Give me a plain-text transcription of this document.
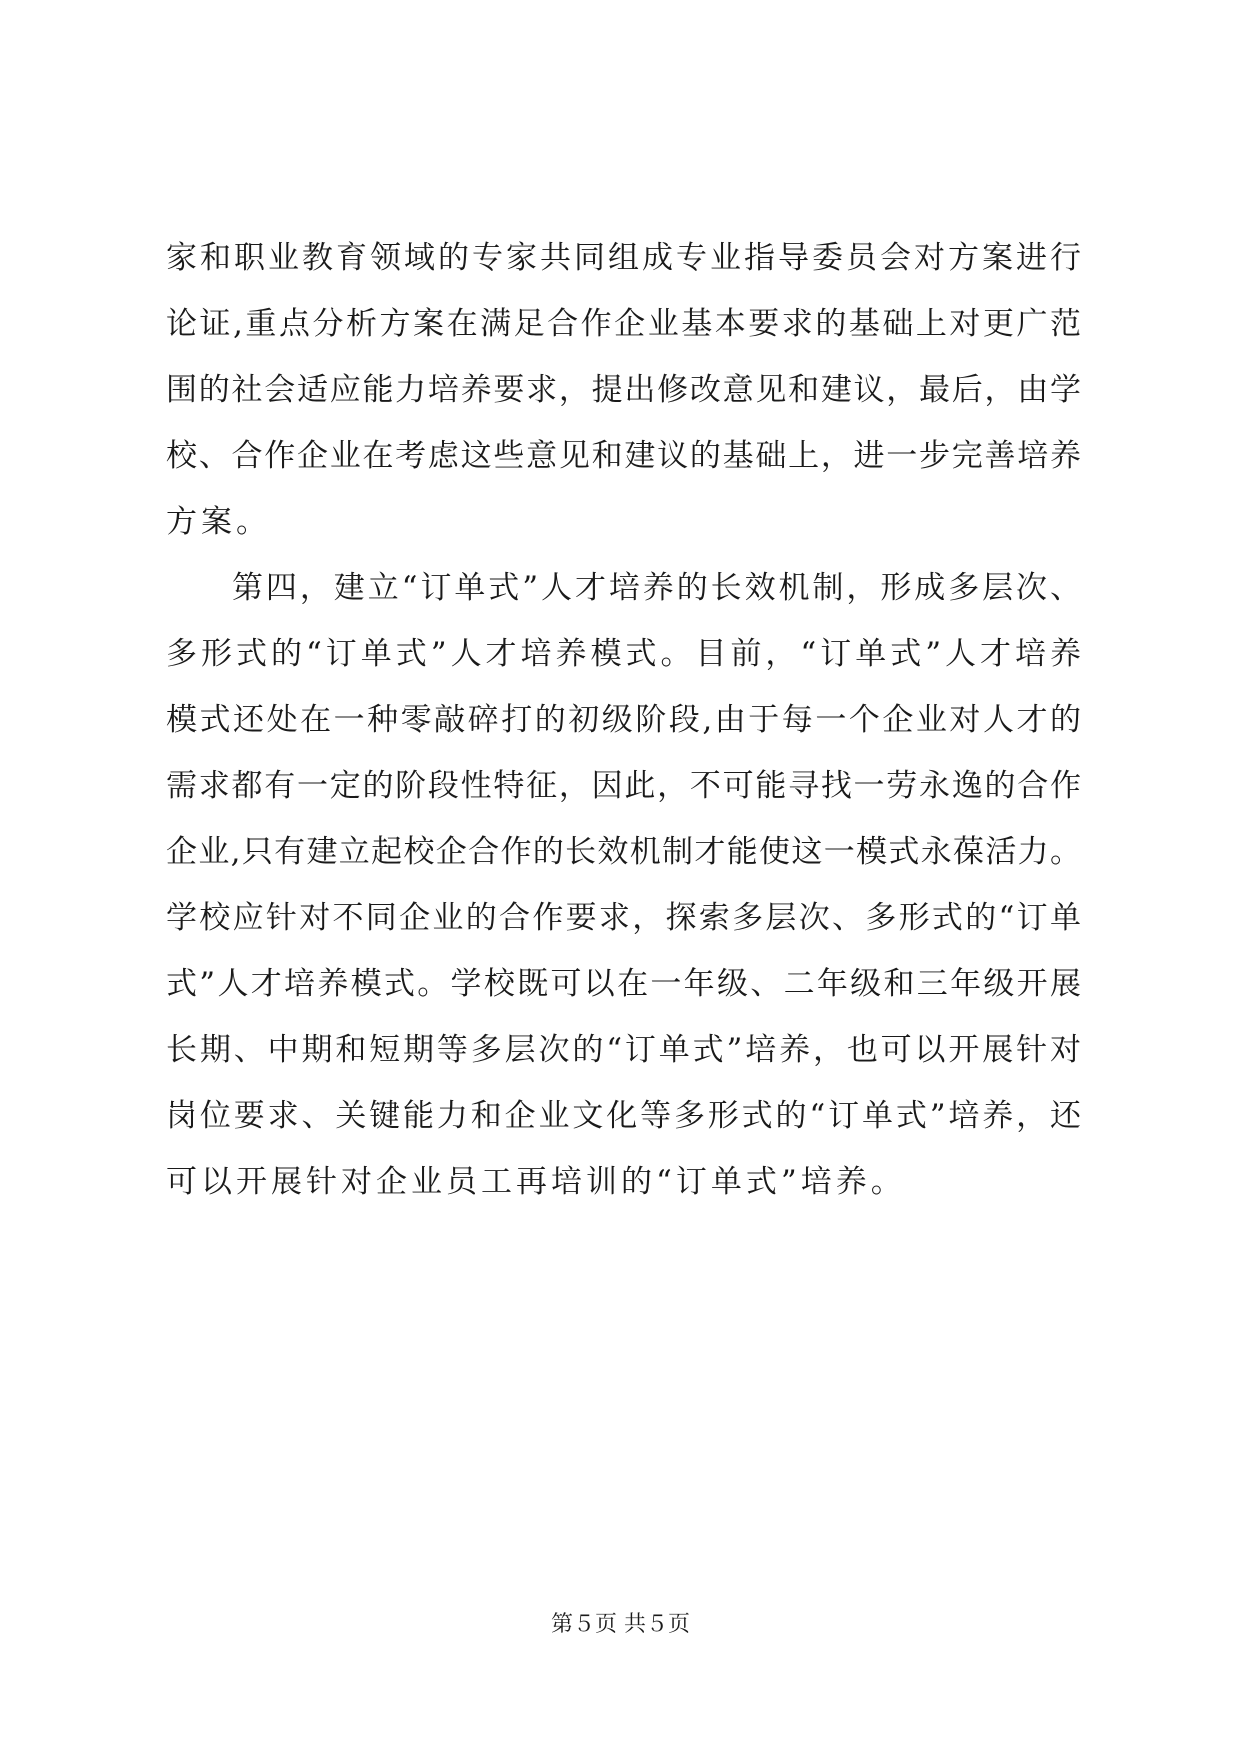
家和职业教育领域的专家共同组成专业指导委员会对方案进行
论证,重点分析方案在满足合作企业基本要求的基础上对更广范
围的社会适应能力培养要求，提出修改意见和建议，最后，由学
校、合作企业在考虑这些意见和建议的基础上，进一步完善培养
方案。
第四，建立“订单式”人才培养的长效机制，形成多层次、
多形式的“订单式”人才培养模式。目前，“订单式”人才培养
模式还处在一种零敲碎打的初级阶段,由于每一个企业对人才的
需求都有一定的阶段性特征，因此，不可能寻找一劳永逸的合作
企业,只有建立起校企合作的长效机制才能使这一模式永葆活力。
学校应针对不同企业的合作要求，探索多层次、多形式的“订单
式”人才培养模式。学校既可以在一年级、二年级和三年级开展
长期、中期和短期等多层次的“订单式”培养，也可以开展针对
岗位要求、关键能力和企业文化等多形式的“订单式”培养，还
可以开展针对企业员工再培训的“订单式”培养。
第５页 共５页
